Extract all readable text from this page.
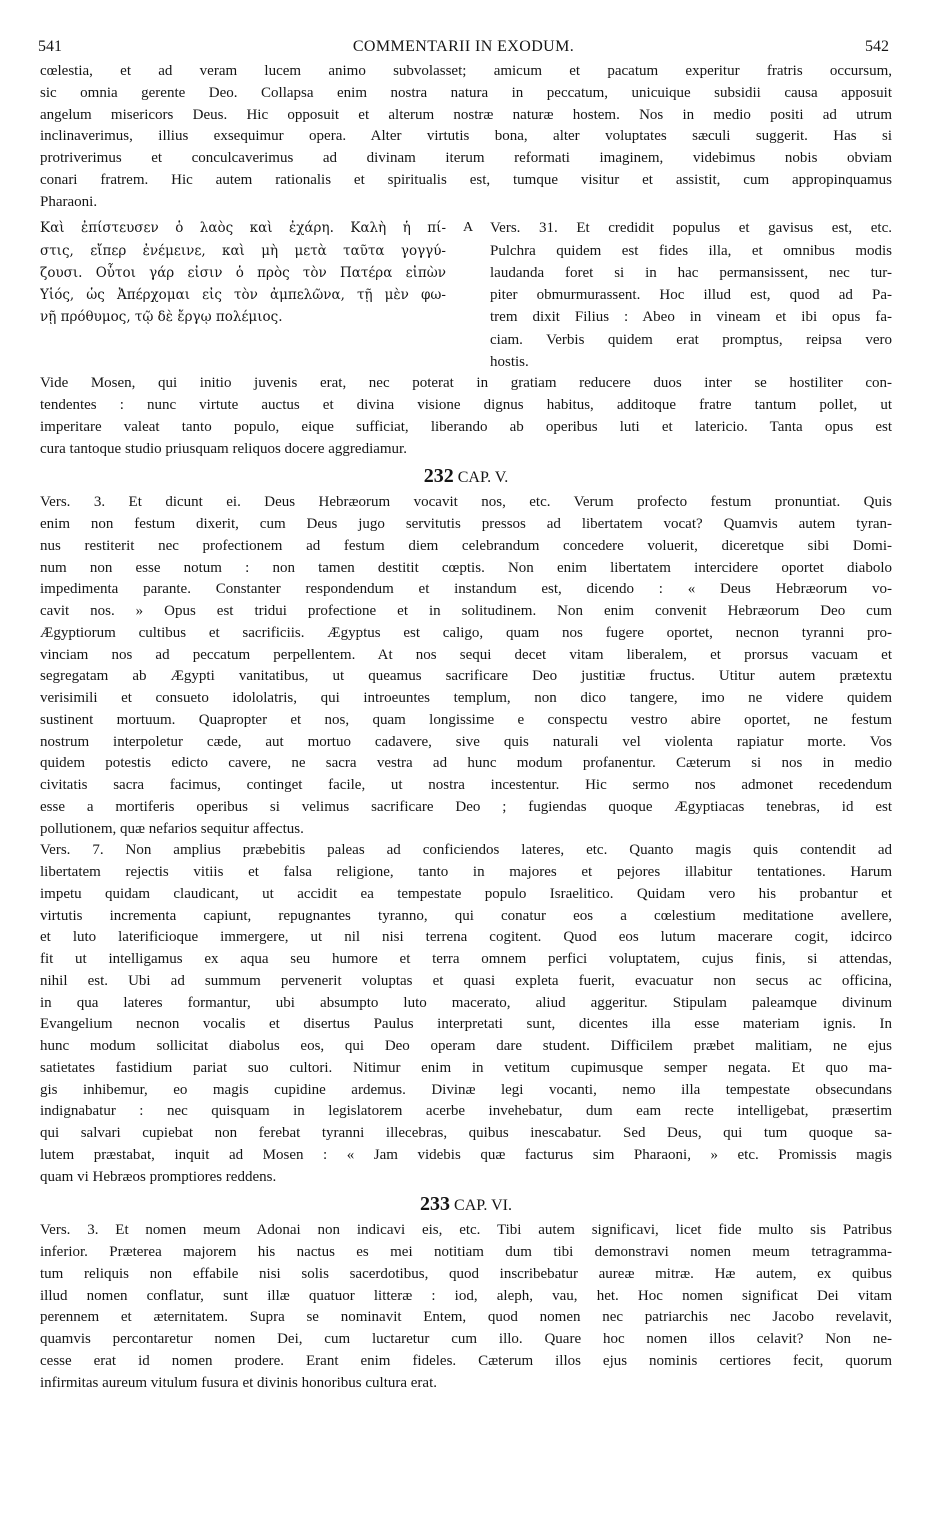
541	COMMENTARII IN EXODUM.	542
cœlestia, et ad veram lucem animo subvolasset; amicum et pacatum experitur fratris occursum,
sic omnia gerente Deo. Collapsa enim nostra natura in peccatum, unicuique subsidii causa apposuit
angelum misericors Deus. Hic opposuit et alterum nostræ naturæ hostem. Nos in medio positi ad utrum
inclinaverimus, illius exsequimur opera. Alter virtutis bona, alter voluptates sæculi suggerit. Has si
protriverimus et conculcaverimus ad divinam iterum reformati imaginem, videbimus nobis obviam
conari fratrem. Hic autem rationalis et spiritualis est, tumque visitur et assistit, cum appropinquamus
Pharaoni.
Καὶ ἐπίστευσεν ὁ λαὸς καὶ ἐχάρη. Καλὴ ἡ πί-
στις, εἴπερ ἐνέμεινε, καὶ μὴ μετὰ ταῦτα γογγύ-
ζουσι. Οὗτοι γάρ εἰσιν ὁ πρὸς τὸν Πατέρα εἰπὼν
Υἱός, ὡς Ἀπέρχομαι εἰς τὸν ἀμπελῶνα, τῇ μὲν φω-
νῇ πρόθυμος, τῷ δὲ ἔργῳ πολέμιος.
A	Vers. 31. Et credidit populus et gavisus est, etc.
Pulchra quidem est fides illa, et omnibus modis
laudanda foret si in hac permansissent, nec tur-
piter obmurmurassent. Hoc illud est, quod ad Pa-
trem dixit Filius : Abeo in vineam et ibi opus fa-
ciam. Verbis quidem erat promptus, reipsa vero
hostis.
Vide Mosen, qui initio juvenis erat, nec poterat in gratiam reducere duos inter se hostiliter con-
tendentes : nunc virtute auctus et divina visione dignus habitus, additoque fratre tantum pollet, ut
imperitare valeat tanto populo, eique sufficiat, liberando ab operibus luti et latericio. Tanta opus est
cura tantoque studio priusquam reliquos docere aggrediamur.
232 CAP. V.
Vers. 3. Et dicunt ei. Deus Hebræorum vocavit nos, etc. Verum profecto festum pronuntiat. Quis
enim non festum dixerit, cum Deus jugo servitutis pressos ad libertatem vocat? Quamvis autem tyran-
nus restiterit nec profectionem ad festum diem celebrandum concedere voluerit, diceretque sibi Domi-
num non esse notum : non tamen destitit cœptis. Non enim libertatem intercidere oportet diabolo
impedimenta parante. Constanter respondendum et instandum est, dicendo : « Deus Hebræorum vo-
cavit nos. » Opus est tridui profectione et in solitudinem. Non enim convenit Hebræorum Deo cum
Ægyptiorum cultibus et sacrificiis. Ægyptus est caligo, quam nos fugere oportet, necnon tyranni pro-
vinciam nos ad peccatum perpellentem. At nos sequi decet vitam liberalem, et prorsus vacuam et
segregatam ab Ægypti vanitatibus, ut queamus sacrificare Deo justitiæ fructus. Utitur autem prætextu
verisimili et consueto idololatris, qui introeuntes templum, non dico tangere, imo ne videre quidem
sustinent mortuum. Quapropter et nos, quam longissime e conspectu vestro abire oportet, ne festum
nostrum interpoletur cæde, aut mortuo cadavere, sive quis naturali vel violenta rapiatur morte. Vos
quidem potestis edicto cavere, ne sacra vestra ad hunc modum profanentur. Cæterum si nos in medio
civitatis sacra facimus, continget facile, ut nostra incestentur. Hic sermo nos admonet recedendum
esse a mortiferis operibus si velimus sacrificare Deo ; fugiendas quoque Ægyptiacas tenebras, id est
pollutionem, quæ nefarios sequitur affectus.
Vers. 7. Non amplius præbebitis paleas ad conficiendos lateres, etc. Quanto magis quis contendit ad
libertatem rejectis vitiis et falsa religione, tanto in majores et pejores illabitur tentationes. Harum
impetu quidam claudicant, ut accidit ea tempestate populo Israelitico. Quidam vero his probantur et
virtutis incrementa capiunt, repugnantes tyranno, qui conatur eos a cœlestium meditatione avellere,
et luto laterificioque immergere, ut nil nisi terrena cogitent. Quod eos lutum macerare cogit, idcirco
fit ut intelligamus ex aqua seu humore et terra omnem perfici voluptatem, cujus finis, si attendas,
nihil est. Ubi ad summum pervenerit voluptas et quasi expleta fuerit, evacuatur non secus ac officina,
in qua lateres formantur, ubi absumpto luto macerato, aliud aggeritur. Stipulam paleamque divinum
Evangelium necnon vocalis et disertus Paulus interpretati sunt, dicentes illa esse materiam ignis. In
hunc modum sollicitat diabolus eos, qui Deo operam dare student. Difficilem præbet malitiam, ne ejus
satietates fastidium pariat suo cultori. Nitimur enim in vetitum cupimusque semper negata. Et quo ma-
gis inhibemur, eo magis cupidine ardemus. Divinæ legi vocanti, nemo illa tempestate obsecundans
indignabatur : nec quisquam in legislatorem acerbe invehebatur, dum eam recte intelligebat, præsertim
qui salvari cupiebat non ferebat tyranni illecebras, quibus inescabatur. Sed Deus, qui tum quoque sa-
lutem præstabat, inquit ad Mosen : « Jam videbis quæ facturus sim Pharaoni, » etc. Promissis magis
quam vi Hebræos promptiores reddens.
233 CAP. VI.
Vers. 3. Et nomen meum Adonai non indicavi eis, etc. Tibi autem significavi, licet fide multo sis Patribus
inferior. Præterea majorem his nactus es mei notitiam dum tibi demonstravi nomen meum tetragramma-
tum reliquis non effabile nisi solis sacerdotibus, quod inscribebatur aureæ mitræ. Hæ autem, ex quibus
illud nomen conflatur, sunt illæ quatuor litteræ : iod, aleph, vau, het. Hoc nomen significat Dei vitam
perennem et æternitatem. Supra se nominavit Entem, quod nomen nec patriarchis nec Jacobo revelavit,
quamvis percontaretur nomen Dei, cum luctaretur cum illo. Quare hoc nomen illos celavit? Non ne-
cesse erat id nomen prodere. Erant enim fideles. Cæterum illos ejus nominis certiores fecit, quorum
infirmitas aureum vitulum fusura et divinis honoribus cultura erat.
